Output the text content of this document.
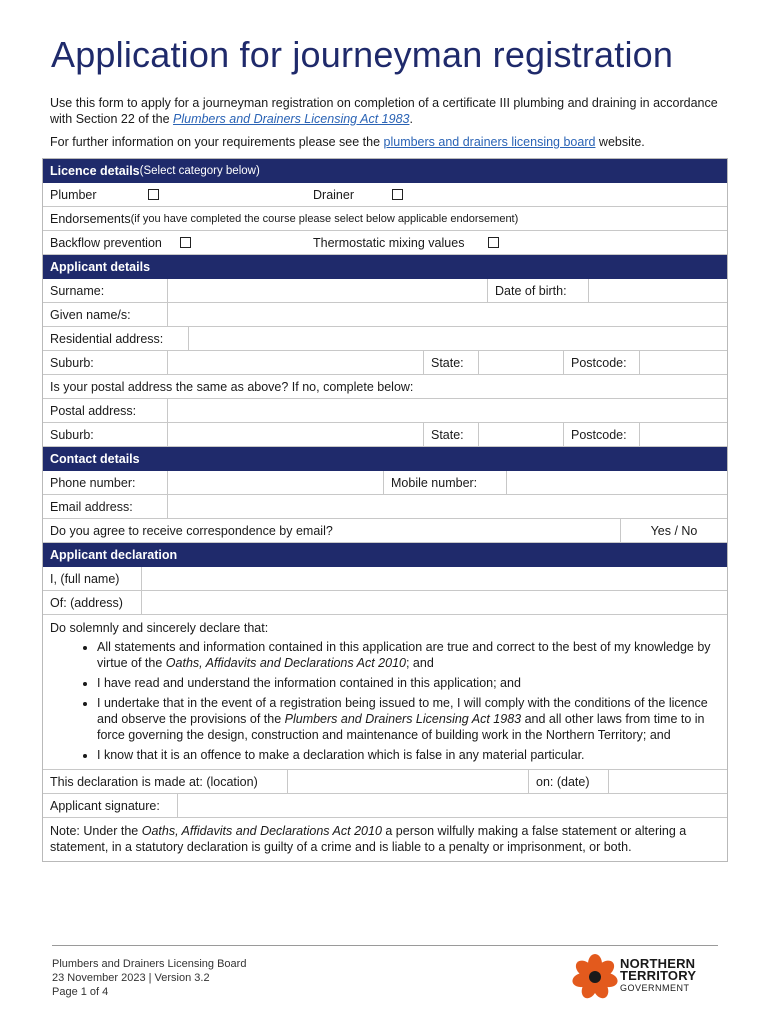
Application for journeyman registration

Use this form to apply for a journeyman registration on completion of a certificate III plumbing and draining in accordance with Section 22 of the Plumbers and Drainers Licensing Act 1983.

For further information on your requirements please see the plumbers and drainers licensing board website.

Licence details (Select category below)
Plumber	Drainer
Endorsements (if you have completed the course please select below applicable endorsement)
Backflow prevention	Thermostatic mixing values
Applicant details
Surname:	Date of birth:
Given name/s:
Residential address:
Suburb:	State:	Postcode:
Is your postal address the same as above? If no, complete below:
Postal address:
Suburb:	State:	Postcode:
Contact details
Phone number:	Mobile number:
Email address:
Do you agree to receive correspondence by email?	Yes / No
Applicant declaration
I, (full name)
Of: (address)
Do solemnly and sincerely declare that:
• All statements and information contained in this application are true and correct to the best of my knowledge by virtue of the Oaths, Affidavits and Declarations Act 2010; and
• I have read and understand the information contained in this application; and
• I undertake that in the event of a registration being issued to me, I will comply with the conditions of the licence and observe the provisions of the Plumbers and Drainers Licensing Act 1983 and all other laws from time to in force governing the design, construction and maintenance of building work in the Northern Territory; and
• I know that it is an offence to make a declaration which is false in any material particular.
This declaration is made at: (location)	on: (date)
Applicant signature:
Note: Under the Oaths, Affidavits and Declarations Act 2010 a person wilfully making a false statement or altering a statement, in a statutory declaration is guilty of a crime and is liable to a penalty or imprisonment, or both.
Plumbers and Drainers Licensing Board
23 November 2023 | Version 3.2
Page 1 of 4
NORTHERN
TERRITORY
GOVERNMENT
